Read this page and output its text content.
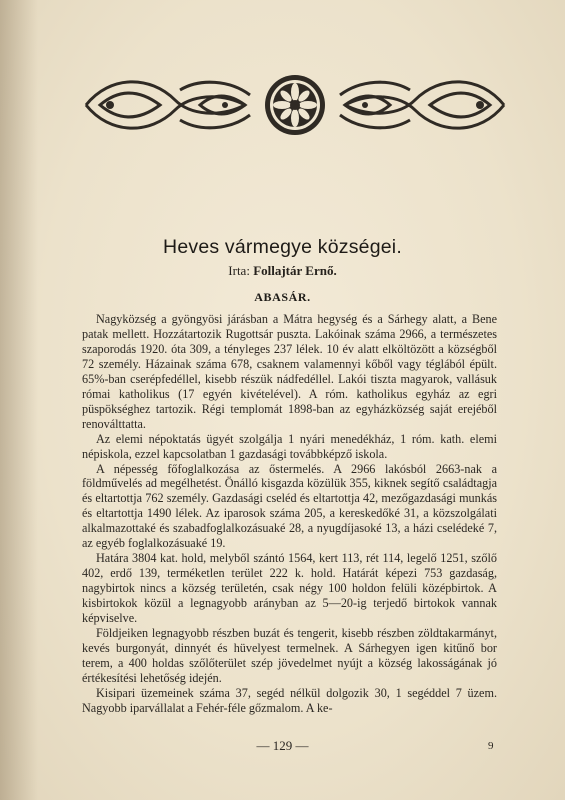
Heves vármegye községei.
Irta: Follajtár Ernő.
ABASÁR.

Nagyközség a gyöngyösi járásban a Mátra hegység és a Sárhegy alatt, a Bene patak mellett. Hozzátartozik Rugottsár puszta. Lakóinak száma 2966, a természetes szaporodás 1920. óta 309, a tényleges 237 lélek. 10 év alatt elköltözött a községből 72 személy. Házainak száma 678, csaknem valamennyi kőből vagy téglából épült. 65%-ban cserépfedéllel, kisebb részük nádfedéllel. Lakói tiszta magyarok, vallásuk római katholikus (17 egyén kivételével). A róm. katholikus egyház az egri püspökséghez tartozik. Régi templomát 1898-ban az egyházközség saját erejéből renoválttatta.

Az elemi népoktatás ügyét szolgálja 1 nyári menedékház, 1 róm. kath. elemi népiskola, ezzel kapcsolatban 1 gazdasági továbbképző iskola.

A népesség főfoglalkozása az őstermelés. A 2966 lakósból 2663-nak a földművelés ad megélhetést. Önálló kisgazda közülük 355, kiknek segítő családtagja és eltartottja 762 személy. Gazdasági cseléd és eltartottja 42, mezőgazdasági munkás és eltartottja 1490 lélek. Az iparosok száma 205, a kereskedőké 31, a közszolgálati alkalmazottaké és szabadfoglalkozásuaké 28, a nyugdíjasoké 13, a házi cselédeké 7, az egyéb foglalkozásuaké 19.

Határa 3804 kat. hold, melyből szántó 1564, kert 113, rét 114, legelő 1251, szőlő 402, erdő 139, terméketlen terület 222 k. hold. Határát képezi 753 gazdaság, nagybirtok nincs a község területén, csak négy 100 holdon felüli középbirtok. A kisbirtokok közül a legnagyobb arányban az 5—20-ig terjedő birtokok vannak képviselve.

Földjeiken legnagyobb részben buzát és tengerit, kisebb részben zöldtakarmányt, kevés burgonyát, dinnyét és hüvelyest termelnek. A Sárhegyen igen kitűnő bor terem, a 400 holdas szőlőterület szép jövedelmet nyújt a község lakosságának jó értékesítési lehetőség idején.

Kisipari üzemeinek száma 37, segéd nélkül dolgozik 30, 1 segéddel 7 üzem. Nagyobb iparvállalat a Fehér-féle gőzmalom. A ke-

— 129 —	9
